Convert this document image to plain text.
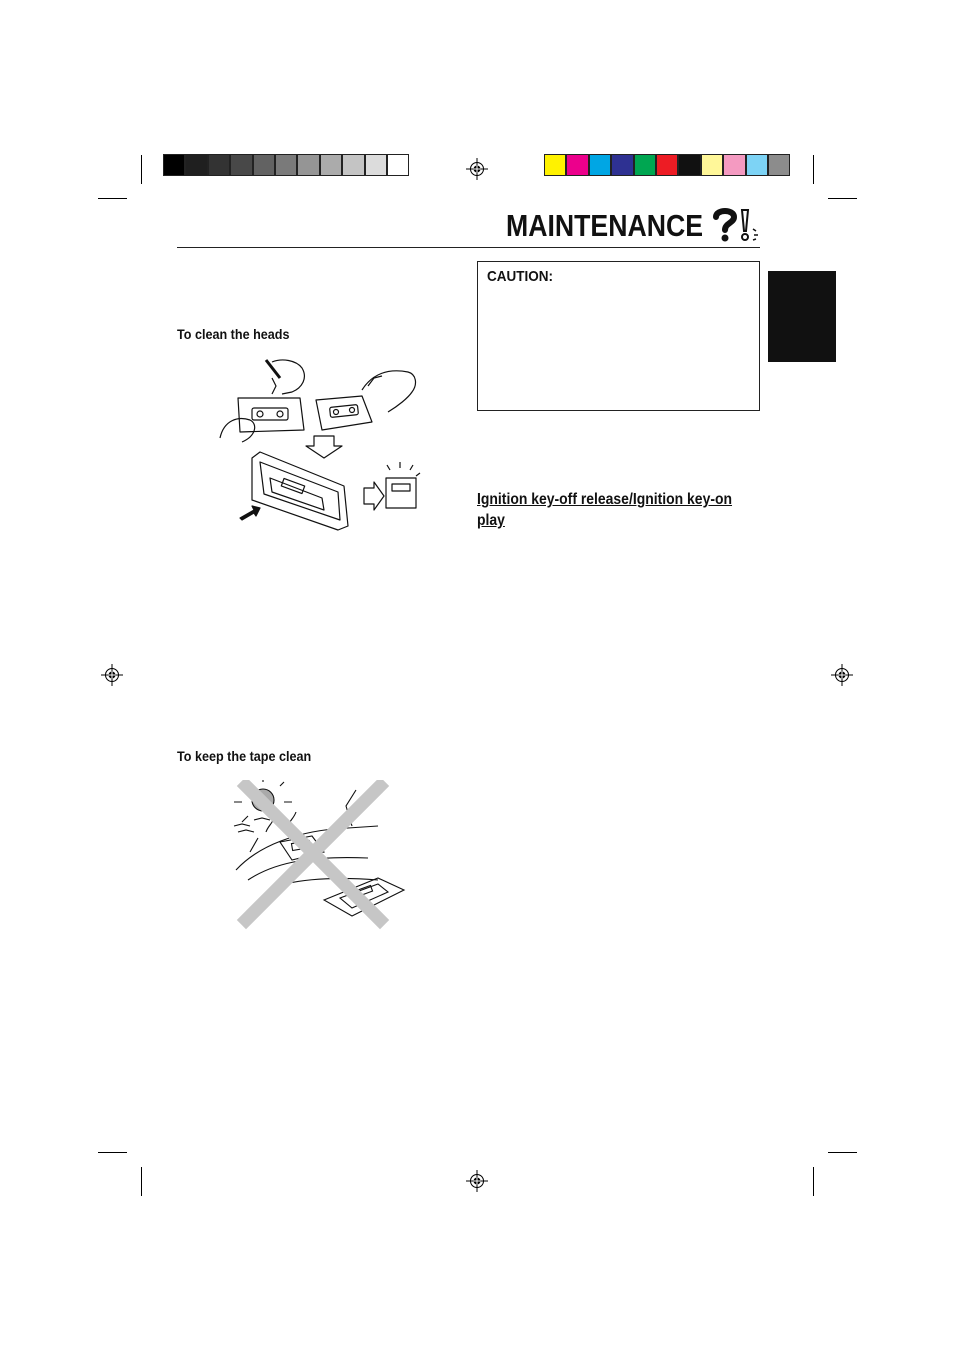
MAINTENANCE
To clean the heads
To keep the tape clean
CAUTION:
Ignition key-off release/Ignition key-on play
